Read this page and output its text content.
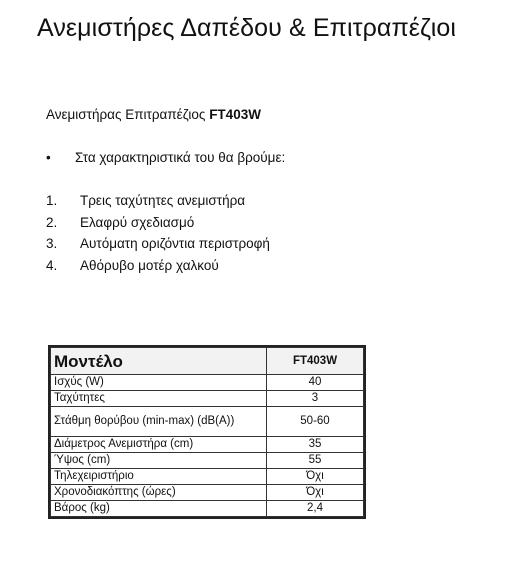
Ανεμιστήρες Δαπέδου & Επιτραπέζιοι
Ανεμιστήρας Επιτραπέζιος FT403W
• Στα χαρακτηριστικά του θα βρούμε:
1. Τρεις ταχύτητες ανεμιστήρα
2. Ελαφρύ σχεδιασμό
3. Αυτόματη οριζόντια περιστροφή
4. Αθόρυβο μοτέρ χαλκού
Μοντέλο	FT403W
Ισχύς (W)	40
Ταχύτητες	3
Στάθμη θορύβου (min-max) (dB(A))	50-60
Διάμετρος Ανεμιστήρα (cm)	35
Ύψος (cm)	55
Τηλεχειριστήριο	Όχι
Χρονοδιακόπτης (ώρες)	Όχι
Βάρος (kg)	2,4
